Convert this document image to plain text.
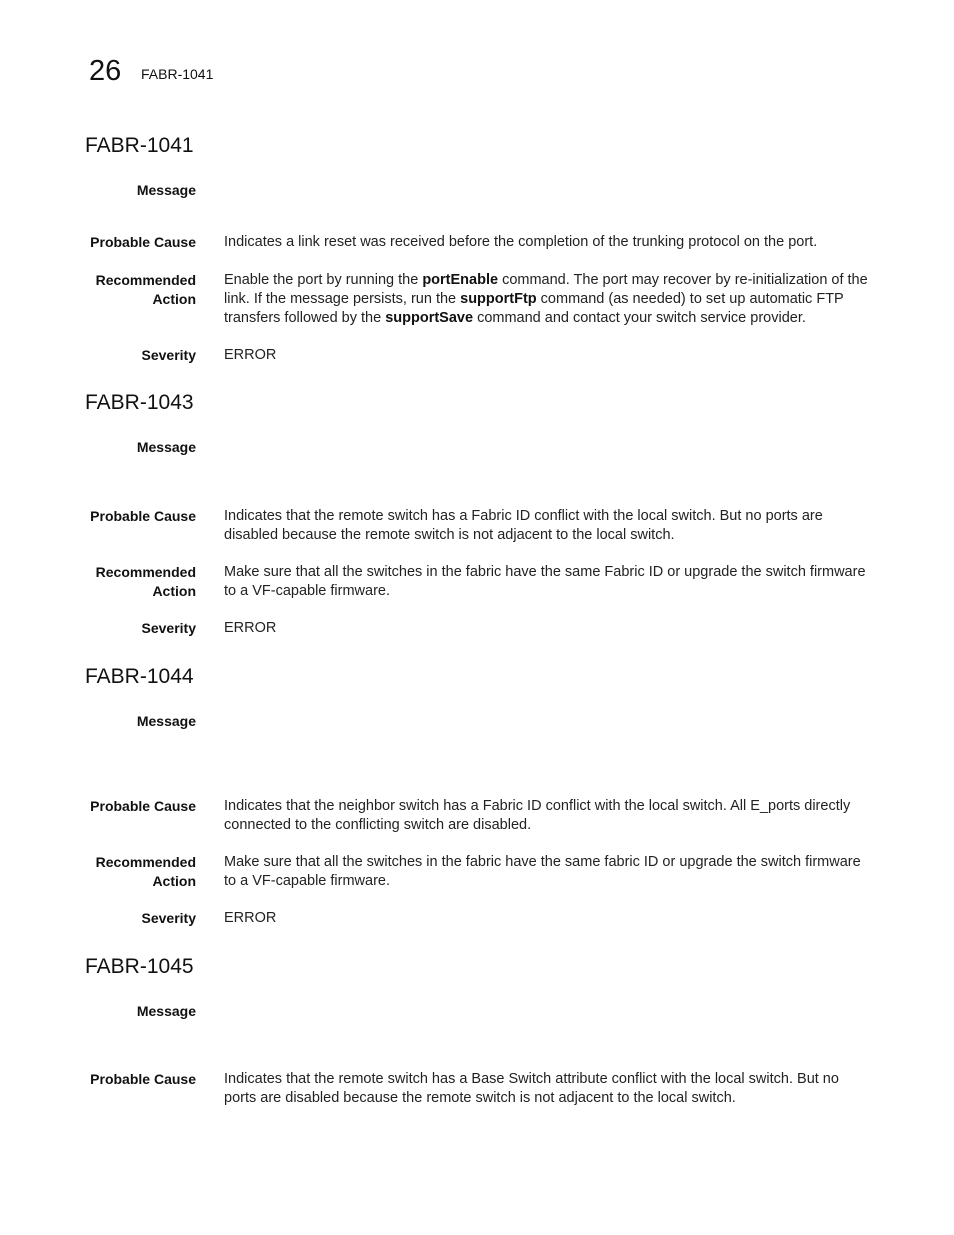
26 FABR-1041
FABR-1041
Message
Probable Cause Indicates a link reset was received before the completion of the trunking protocol on the port.
Recommended
Action
Enable the port by running the portEnable command. The port may recover by re-initialization of the link. If the message persists, run the supportFtp command (as needed) to set up automatic FTP transfers followed by the supportSave command and contact your switch service provider.
Severity ERROR
FABR-1043
Message
Probable Cause Indicates that the remote switch has a Fabric ID conflict with the local switch. But no ports are disabled because the remote switch is not adjacent to the local switch.
Recommended
Action
Make sure that all the switches in the fabric have the same Fabric ID or upgrade the switch firmware to a VF-capable firmware.
Severity ERROR
FABR-1044
Message
Probable Cause Indicates that the neighbor switch has a Fabric ID conflict with the local switch. All E_ports directly connected to the conflicting switch are disabled.
Recommended
Action
Make sure that all the switches in the fabric have the same fabric ID or upgrade the switch firmware to a VF-capable firmware.
Severity ERROR
FABR-1045
Message
Probable Cause Indicates that the remote switch has a Base Switch attribute conflict with the local switch. But no ports are disabled because the remote switch is not adjacent to the local switch.
